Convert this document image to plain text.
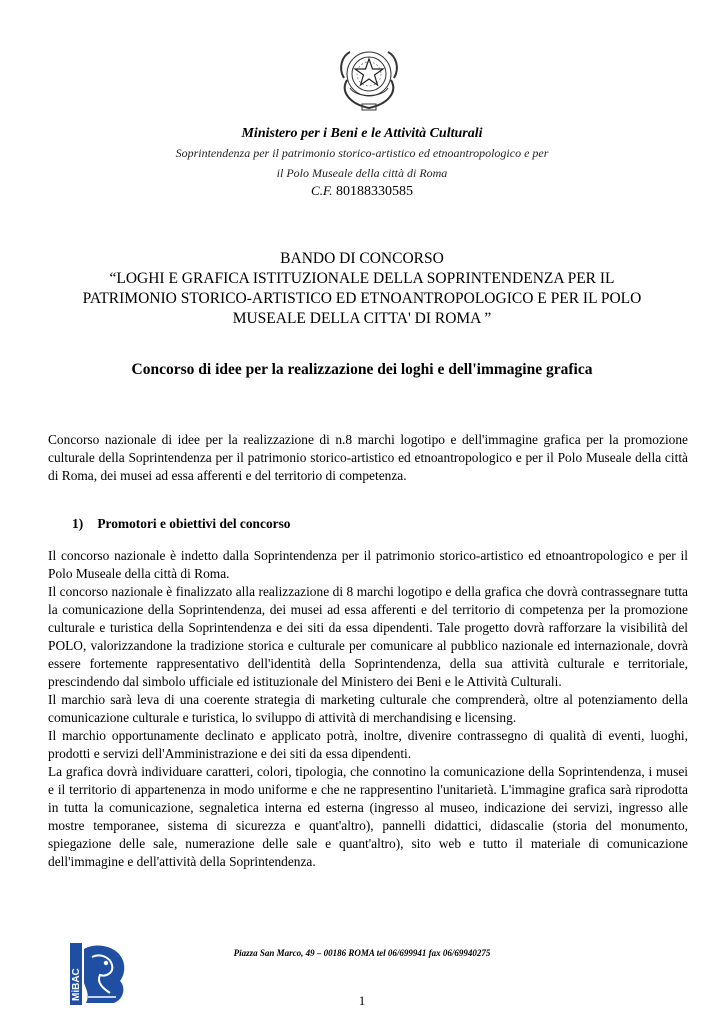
Ministero per i Beni e le Attività Culturali
Soprintendenza per il patrimonio storico-artistico ed etnoantropologico e per
il Polo Museale della città di Roma
C.F. 80188330585
BANDO DI CONCORSO
“LOGHI E GRAFICA ISTITUZIONALE DELLA SOPRINTENDENZA PER IL
PATRIMONIO STORICO-ARTISTICO ED ETNOANTROPOLOGICO E PER IL POLO
MUSEALE DELLA CITTA' DI ROMA ”
Concorso di idee per la realizzazione dei loghi e dell'immagine grafica

Concorso nazionale di idee per la realizzazione di n.8 marchi logotipo e dell'immagine grafica per la promozione culturale della Soprintendenza per il patrimonio storico-artistico ed etnoantropologico e per il Polo Museale della città di Roma, dei musei ad essa afferenti e del territorio di competenza.

1) Promotori e obiettivi del concorso

Il concorso nazionale è indetto dalla Soprintendenza per il patrimonio storico-artistico ed etnoantropologico e per il Polo Museale della città di Roma.

Il concorso nazionale è finalizzato alla realizzazione di 8 marchi logotipo e della grafica che dovrà contrassegnare tutta la comunicazione della Soprintendenza, dei musei ad essa afferenti e del territorio di competenza per la promozione culturale e turistica della Soprintendenza e dei siti da essa dipendenti. Tale progetto dovrà rafforzare la visibilità del POLO, valorizzandone la tradizione storica e culturale per comunicare al pubblico nazionale ed internazionale, dovrà essere fortemente rappresentativo dell'identità della Soprintendenza, della sua attività culturale e territoriale, prescindendo dal simbolo ufficiale ed istituzionale del Ministero dei Beni e le Attività Culturali.

Il marchio sarà leva di una coerente strategia di marketing culturale che comprenderà, oltre al potenziamento della comunicazione culturale e turistica, lo sviluppo di attività di merchandising e licensing.

Il marchio opportunamente declinato e applicato potrà, inoltre, divenire contrassegno di qualità di eventi, luoghi, prodotti e servizi dell'Amministrazione e dei siti da essa dipendenti.

La grafica dovrà individuare caratteri, colori, tipologia, che connotino la comunicazione della Soprintendenza, i musei e il territorio di appartenenza in modo uniforme e che ne rappresentino l'unitarietà. L'immagine grafica sarà riprodotta in tutta la comunicazione, segnaletica interna ed esterna (ingresso al museo, indicazione dei servizi, ingresso alle mostre temporanee, sistema di sicurezza e quant'altro), pannelli didattici, didascalie (storia del monumento, spiegazione delle sale, numerazione delle sale e quant'altro), sito web e tutto il materiale di comunicazione dell'immagine e dell'attività della Soprintendenza.

MiBAC
Piazza San Marco, 49 – 00186 ROMA tel 06/699941 fax 06/69940275
1
